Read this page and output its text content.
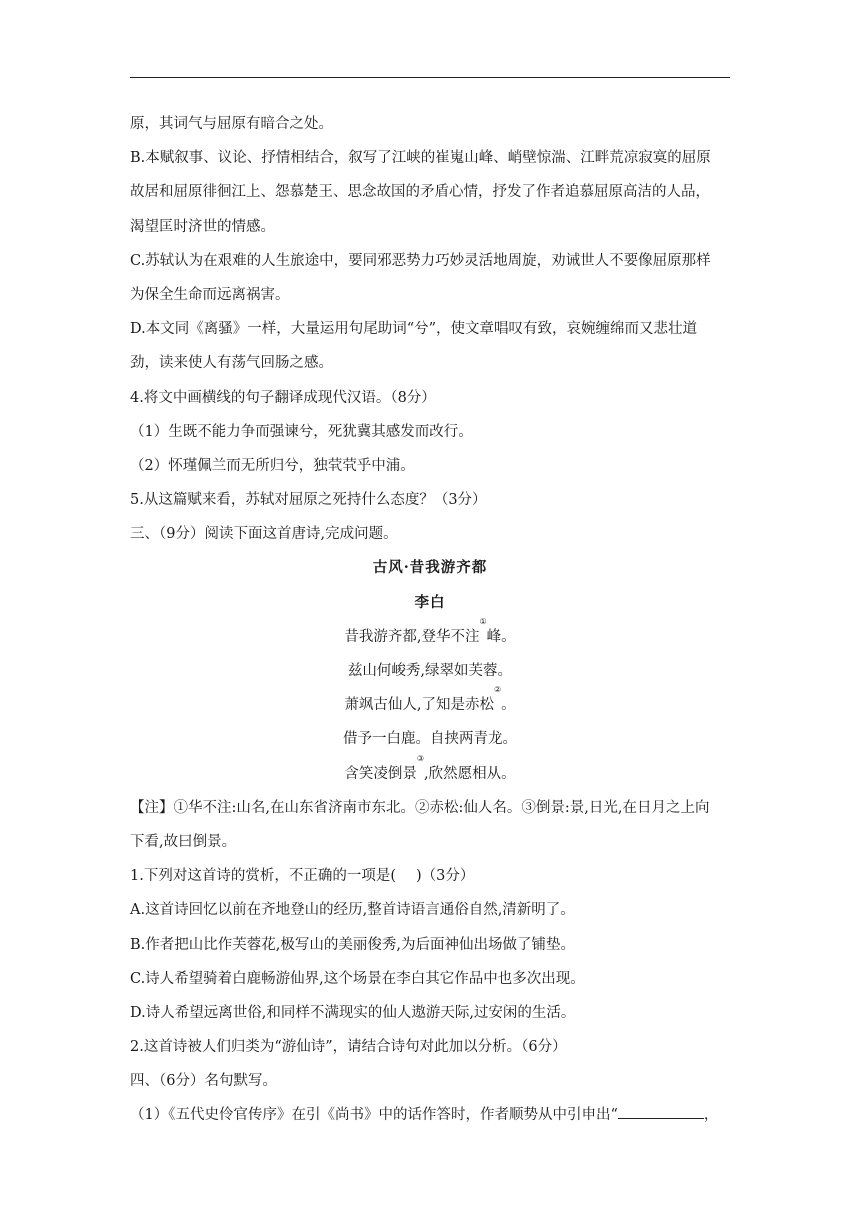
原，其词气与屈原有暗合之处。
B.本赋叙事、议论、抒情相结合，叙写了江峡的崔嵬山峰、峭壁惊湍、江畔荒凉寂寞的屈原
故居和屈原徘徊江上、怨慕楚王、思念故国的矛盾心情，抒发了作者追慕屈原高洁的人品，
渴望匡时济世的情感。
C.苏轼认为在艰难的人生旅途中，要同邪恶势力巧妙灵活地周旋，劝诫世人不要像屈原那样
为保全生命而远离祸害。
D.本文同《离骚》一样，大量运用句尾助词“兮”，使文章唱叹有致，哀婉缠绵而又悲壮道
劲，读来使人有荡气回肠之感。
4.将文中画横线的句子翻译成现代汉语。（8分）
（1）生既不能力争而强谏兮，死犹冀其感发而改行。
（2）怀瑾佩兰而无所归兮，独茕茕乎中浦。
5.从这篇赋来看，苏轼对屈原之死持什么态度？（3分）
三、（9分）阅读下面这首唐诗,完成问题。
古风·昔我游齐都
李白
昔我游齐都,登华不注①峰。
兹山何峻秀,绿翠如芙蓉。
萧飒古仙人,了知是赤松②。
借予一白鹿。自挟两青龙。
含笑凌倒景③,欣然愿相从。
【注】①华不注:山名,在山东省济南市东北。②赤松:仙人名。③倒景:景,日光,在日月之上向
下看,故曰倒景。
1.下列对这首诗的赏析，不正确的一项是( )（3分）
A.这首诗回忆以前在齐地登山的经历,整首诗语言通俗自然,清新明了。
B.作者把山比作芙蓉花,极写山的美丽俊秀,为后面神仙出场做了铺垫。
C.诗人希望骑着白鹿畅游仙界,这个场景在李白其它作品中也多次出现。
D.诗人希望远离世俗,和同样不满现实的仙人遨游天际,过安闲的生活。
2.这首诗被人们归类为“游仙诗”，请结合诗句对此加以分析。（6分）
四、（6分）名句默写。
（1）《五代史伶官传序》在引《尚书》中的话作答时，作者顺势从中引申出“	，
